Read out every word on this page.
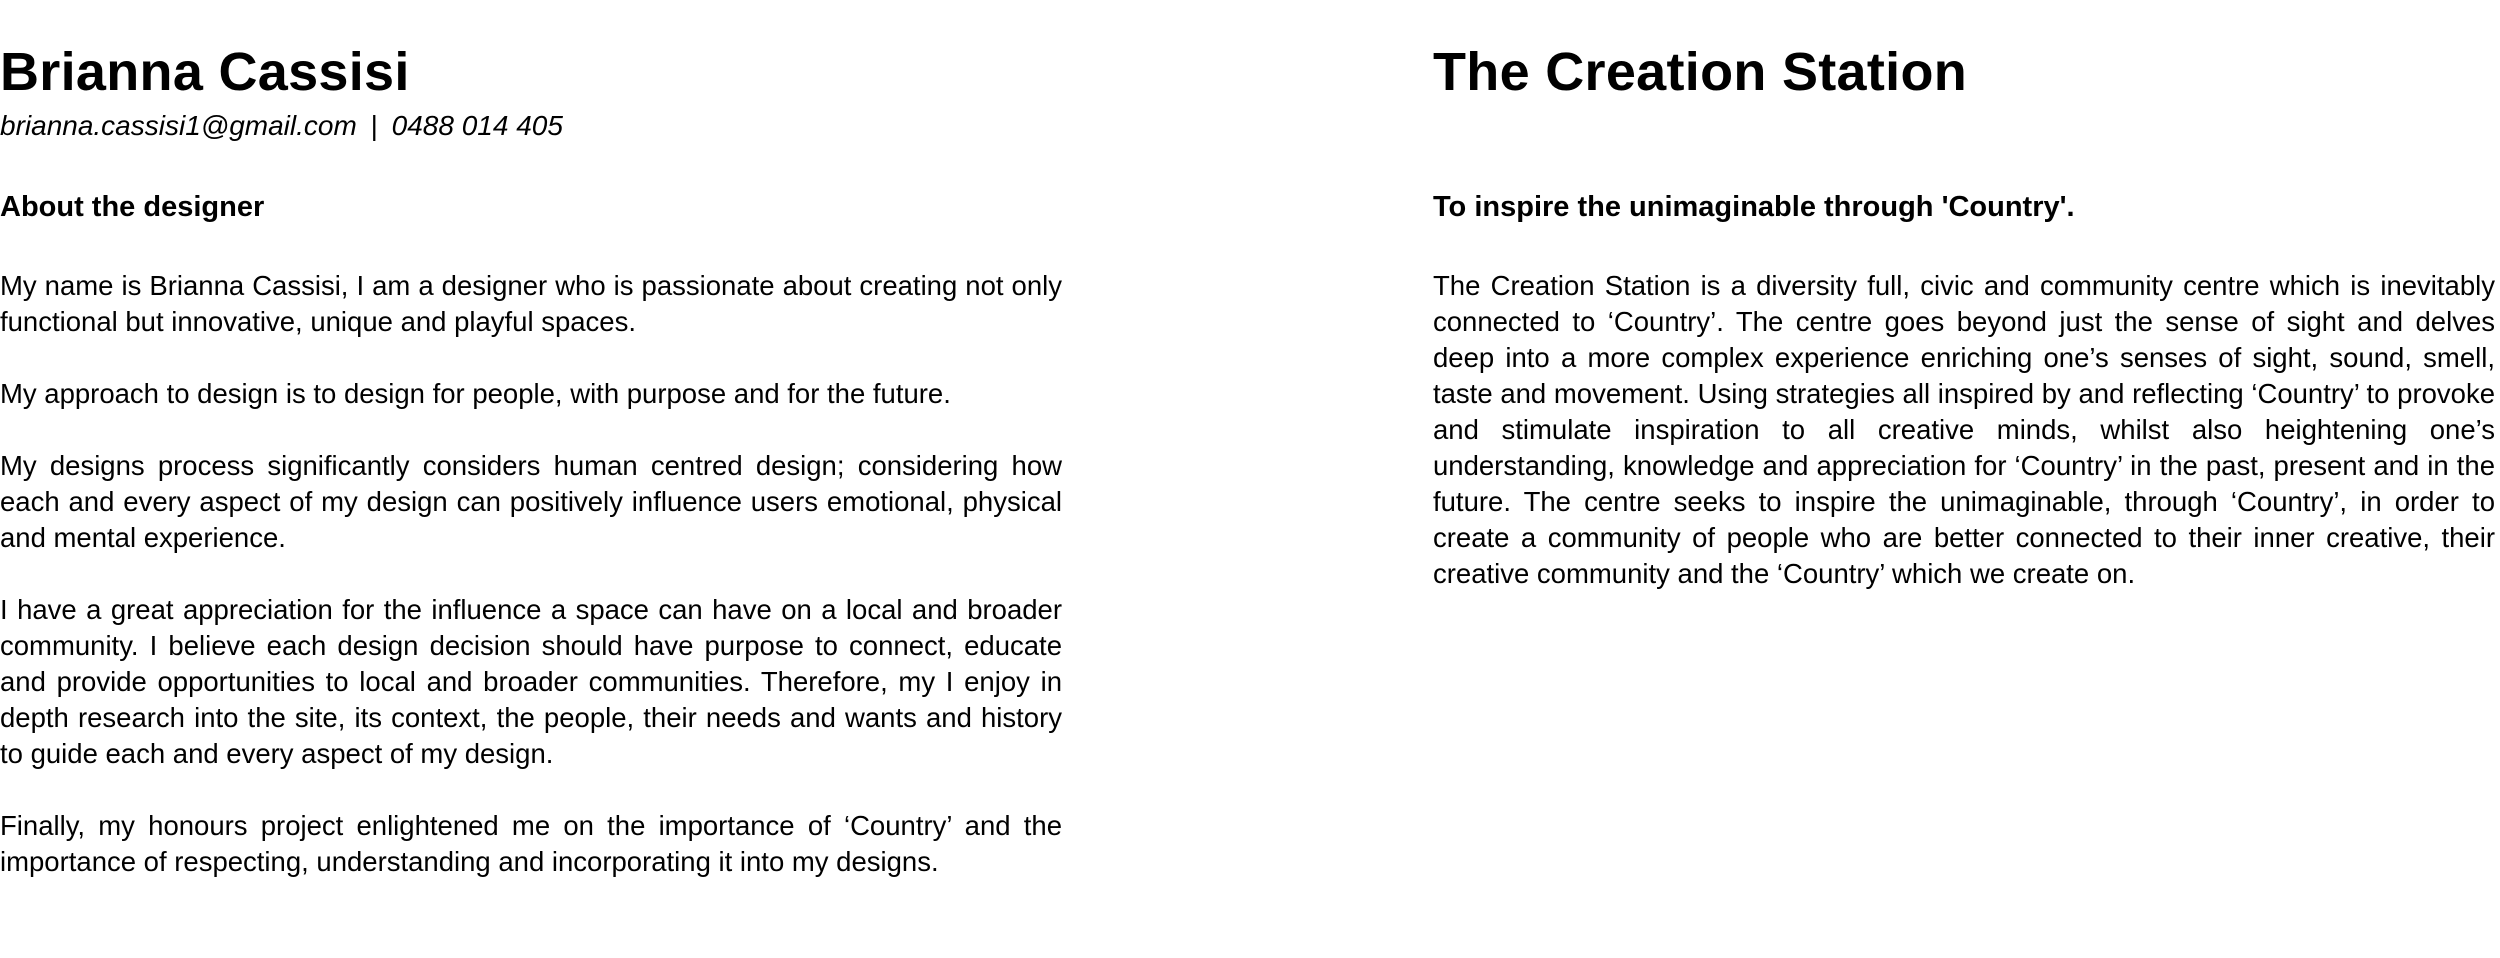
Brianna Cassisi
brianna.cassisi1@gmail.com | 0488 014 405
About the designer

My name is Brianna Cassisi, I am a designer who is passionate about creating not only functional but innovative, unique and playful spaces.

My approach to design is to design for people, with purpose and for the future.

My designs process significantly considers human centred design; considering how each and every aspect of my design can positively influence users emotional, physical and mental experience.

I have a great appreciation for the influence a space can have on a local and broader community. I believe each design decision should have purpose to connect, educate and provide opportunities to local and broader communities. Therefore, my I enjoy in depth research into the site, its context, the people, their needs and wants and history to guide each and every aspect of my design.

Finally, my honours project enlightened me on the importance of ‘Country’ and the importance of respecting, understanding and incorporating it into my designs.

The Creation Station
To inspire the unimaginable through 'Country'.

The Creation Station is a diversity full, civic and community centre which is inevitably connected to ‘Country’. The centre goes beyond just the sense of sight and delves deep into a more complex experience enriching one’s senses of sight, sound, smell, taste and movement. Using strategies all inspired by and reflecting ‘Country’ to provoke and stimulate inspiration to all creative minds, whilst also heightening one’s understanding, knowledge and appreciation for ‘Country’ in the past, present and in the future. The centre seeks to inspire the unimaginable, through ‘Country’, in order to create a community of people who are better connected to their inner creative, their creative community and the ‘Country’ which we create on.
